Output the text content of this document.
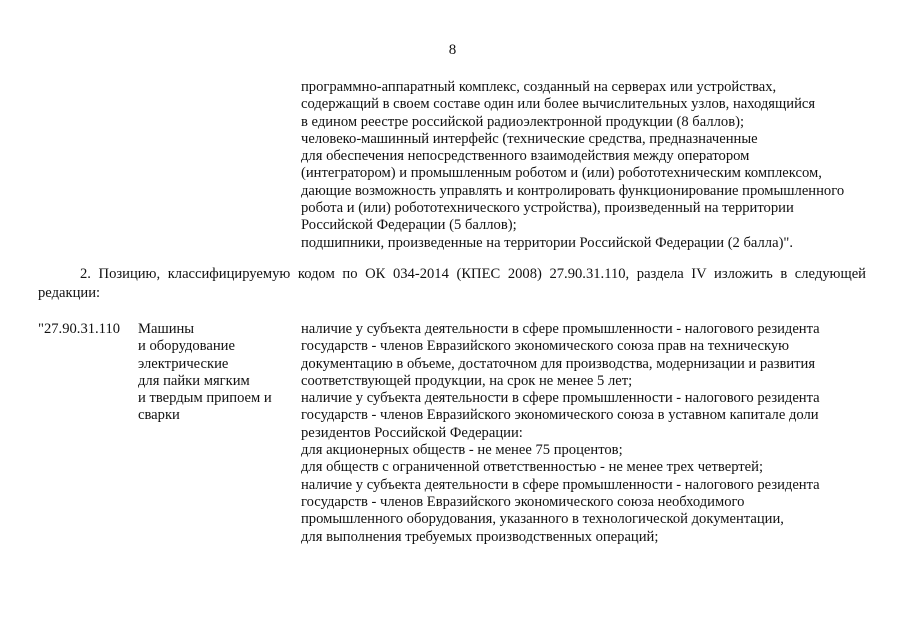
8
программно-аппаратный комплекс, созданный на серверах или устройствах,
содержащий в своем составе один или более вычислительных узлов, находящийся
в едином реестре российской радиоэлектронной продукции (8 баллов);
человеко-машинный интерфейс (технические средства, предназначенные
для обеспечения непосредственного взаимодействия между оператором
(интегратором) и промышленным роботом и (или) робототехническим комплексом,
дающие возможность управлять и контролировать функционирование промышленного
робота и (или) робототехнического устройства), произведенный на территории
Российской Федерации (5 баллов);
подшипники, произведенные на территории Российской Федерации (2 балла)".
2. Позицию, классифицируемую кодом по ОК 034-2014 (КПЕС 2008) 27.90.31.110, раздела IV изложить в следующей
редакции:
"27.90.31.110 Машины
и оборудование
электрические
для пайки мягким
и твердым припоем и
сварки
наличие у субъекта деятельности в сфере промышленности - налогового резидента
государств - членов Евразийского экономического союза прав на техническую
документацию в объеме, достаточном для производства, модернизации и развития
соответствующей продукции, на срок не менее 5 лет;
наличие у субъекта деятельности в сфере промышленности - налогового резидента
государств - членов Евразийского экономического союза в уставном капитале доли
резидентов Российской Федерации:
для акционерных обществ - не менее 75 процентов;
для обществ с ограниченной ответственностью - не менее трех четвертей;
наличие у субъекта деятельности в сфере промышленности - налогового резидента
государств - членов Евразийского экономического союза необходимого
промышленного оборудования, указанного в технологической документации,
для выполнения требуемых производственных операций;
